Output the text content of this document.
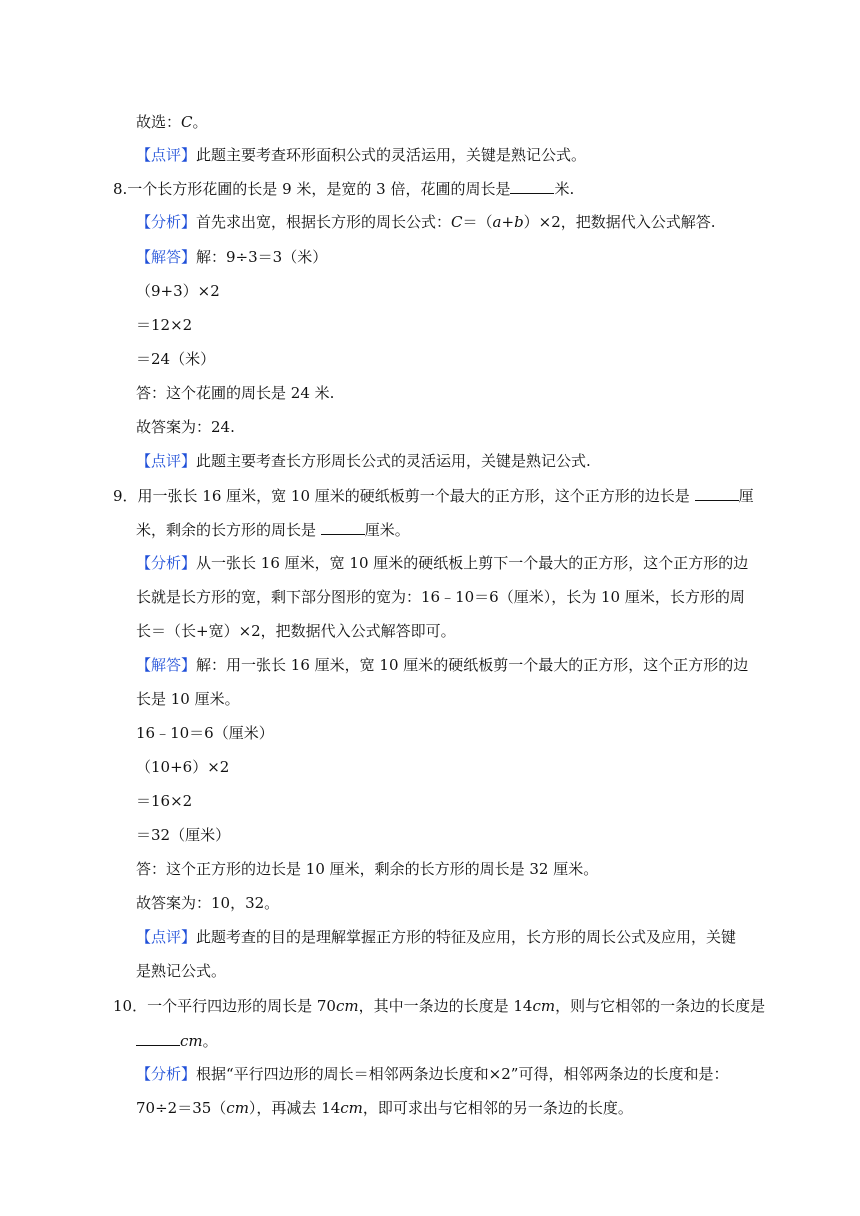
故选：C。
【点评】此题主要考查环形面积公式的灵活运用，关键是熟记公式。
8.一个长方形花圃的长是 9 米，是宽的 3 倍，花圃的周长是	米.
【分析】首先求出宽，根据长方形的周长公式：C＝（a+b）×2，把数据代入公式解答.
【解答】解：9÷3＝3（米）
（9+3）×2
＝12×2
＝24（米）
答：这个花圃的周长是 24 米.
故答案为：24.
【点评】此题主要考查长方形周长公式的灵活运用，关键是熟记公式.
9．用一张长 16 厘米，宽 10 厘米的硬纸板剪一个最大的正方形，这个正方形的边长是	厘
米，剩余的长方形的周长是	厘米。
【分析】从一张长 16 厘米，宽 10 厘米的硬纸板上剪下一个最大的正方形，这个正方形的边
长就是长方形的宽，剩下部分图形的宽为：16﹣10＝6（厘米），长为 10 厘米，长方形的周
长＝（长+宽）×2，把数据代入公式解答即可。
【解答】解：用一张长 16 厘米，宽 10 厘米的硬纸板剪一个最大的正方形，这个正方形的边
长是 10 厘米。
16﹣10＝6（厘米）
（10+6）×2
＝16×2
＝32（厘米）
答：这个正方形的边长是 10 厘米，剩余的长方形的周长是 32 厘米。
故答案为：10，32。
【点评】此题考查的目的是理解掌握正方形的特征及应用，长方形的周长公式及应用，关键
是熟记公式。
10．一个平行四边形的周长是 70cm，其中一条边的长度是 14cm，则与它相邻的一条边的长度是
cm。
【分析】根据“平行四边形的周长＝相邻两条边长度和×2”可得，相邻两条边的长度和是：
70÷2＝35（cm），再减去 14cm，即可求出与它相邻的另一条边的长度。
